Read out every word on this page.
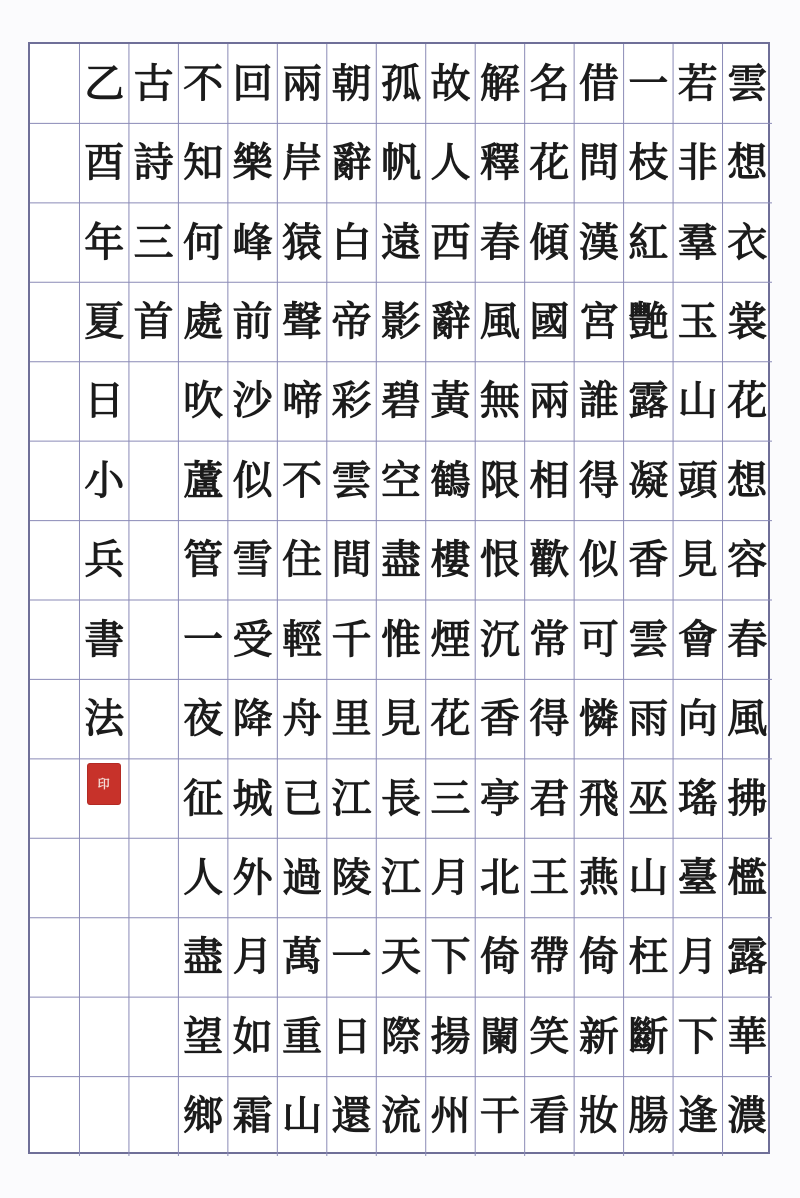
雲
想
衣
裳
花
想
容
春
風
拂
檻
露
華
濃
若
非
羣
玉
山
頭
見
會
向
瑤
臺
月
下
逢
一
枝
紅
艷
露
凝
香
雲
雨
巫
山
枉
斷
腸
借
問
漢
宮
誰
得
似
可
憐
飛
燕
倚
新
妝
名
花
傾
國
兩
相
歡
常
得
君
王
帶
笑
看
解
釋
春
風
無
限
恨
沉
香
亭
北
倚
闌
干
故
人
西
辭
黃
鶴
樓
煙
花
三
月
下
揚
州
孤
帆
遠
影
碧
空
盡
惟
見
長
江
天
際
流
朝
辭
白
帝
彩
雲
間
千
里
江
陵
一
日
還
兩
岸
猿
聲
啼
不
住
輕
舟
已
過
萬
重
山
回
樂
峰
前
沙
似
雪
受
降
城
外
月
如
霜
不
知
何
處
吹
蘆
管
一
夜
征
人
盡
望
鄉
古
詩
三
首
乙
酉
年
夏
日
小
兵
書
法
印
